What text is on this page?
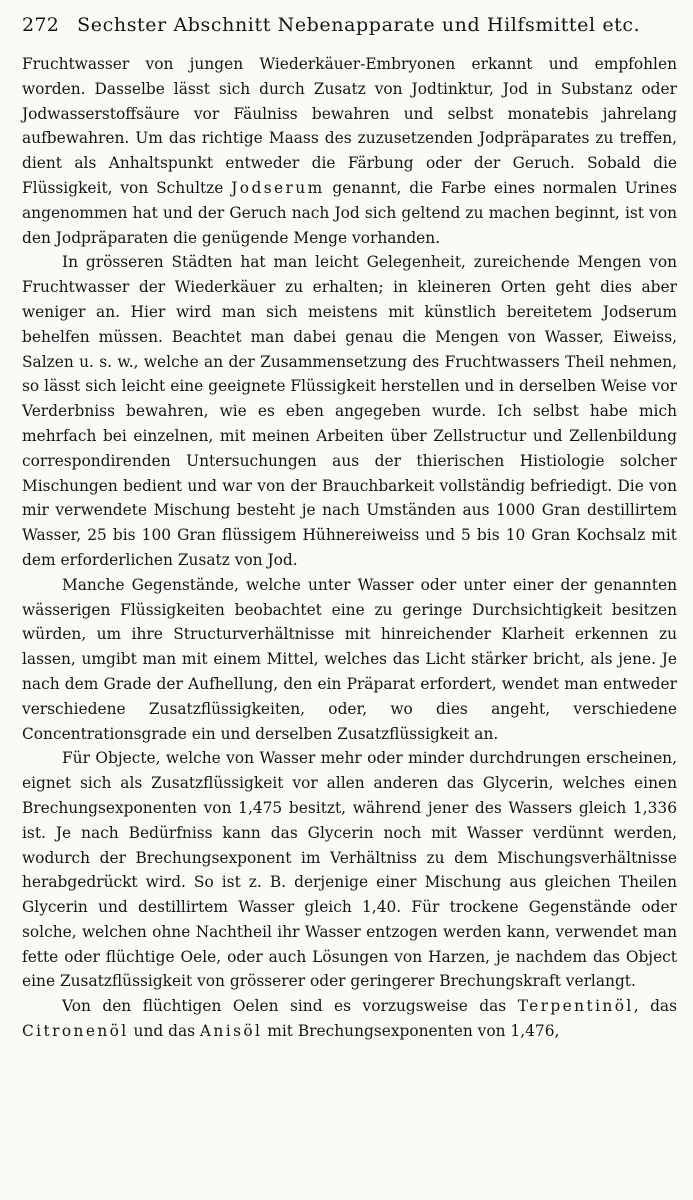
272 Sechster Abschnitt Nebenapparate und Hilfsmittel etc.

Fruchtwasser von jungen Wiederkäuer-Embryonen erkannt und empfohlen worden. Dasselbe lässt sich durch Zusatz von Jodtinktur, Jod in Substanz oder Jodwasserstoffsäure vor Fäulniss bewahren und selbst monatebis jahrelang aufbewahren. Um das richtige Maass des zuzusetzenden Jodpräparates zu treffen, dient als Anhaltspunkt entweder die Färbung oder der Geruch. Sobald die Flüssigkeit, von Schultze Jodserum genannt, die Farbe eines normalen Urines angenommen hat und der Geruch nach Jod sich geltend zu machen beginnt, ist von den Jodpräparaten die genügende Menge vorhanden.

In grösseren Städten hat man leicht Gelegenheit, zureichende Mengen von Fruchtwasser der Wiederkäuer zu erhalten; in kleineren Orten geht dies aber weniger an. Hier wird man sich meistens mit künstlich bereitetem Jodserum behelfen müssen. Beachtet man dabei genau die Mengen von Wasser, Eiweiss, Salzen u. s. w., welche an der Zusammensetzung des Fruchtwassers Theil nehmen, so lässt sich leicht eine geeignete Flüssigkeit herstellen und in derselben Weise vor Verderbniss bewahren, wie es eben angegeben wurde. Ich selbst habe mich mehrfach bei einzelnen, mit meinen Arbeiten über Zellstructur und Zellenbildung correspondirenden Untersuchungen aus der thierischen Histiologie solcher Mischungen bedient und war von der Brauchbarkeit vollständig befriedigt. Die von mir verwendete Mischung besteht je nach Umständen aus 1000 Gran destillirtem Wasser, 25 bis 100 Gran flüssigem Hühnereiweiss und 5 bis 10 Gran Kochsalz mit dem erforderlichen Zusatz von Jod.

Manche Gegenstände, welche unter Wasser oder unter einer der genannten wässerigen Flüssigkeiten beobachtet eine zu geringe Durchsichtigkeit besitzen würden, um ihre Structurverhältnisse mit hinreichender Klarheit erkennen zu lassen, umgibt man mit einem Mittel, welches das Licht stärker bricht, als jene. Je nach dem Grade der Aufhellung, den ein Präparat erfordert, wendet man entweder verschiedene Zusatzflüssigkeiten, oder, wo dies angeht, verschiedene Concentrationsgrade ein und derselben Zusatzflüssigkeit an.

Für Objecte, welche von Wasser mehr oder minder durchdrungen erscheinen, eignet sich als Zusatzflüssigkeit vor allen anderen das Glycerin, welches einen Brechungsexponenten von 1,475 besitzt, während jener des Wassers gleich 1,336 ist. Je nach Bedürfniss kann das Glycerin noch mit Wasser verdünnt werden, wodurch der Brechungsexponent im Verhältniss zu dem Mischungsverhältnisse herabgedrückt wird. So ist z. B. derjenige einer Mischung aus gleichen Theilen Glycerin und destillirtem Wasser gleich 1,40. Für trockene Gegenstände oder solche, welchen ohne Nachtheil ihr Wasser entzogen werden kann, verwendet man fette oder flüchtige Oele, oder auch Lösungen von Harzen, je nachdem das Object eine Zusatzflüssigkeit von grösserer oder geringerer Brechungskraft verlangt.

Von den flüchtigen Oelen sind es vorzugsweise das Terpentinöl, das Citronenöl und das Anisöl mit Brechungsexponenten von 1,476,
